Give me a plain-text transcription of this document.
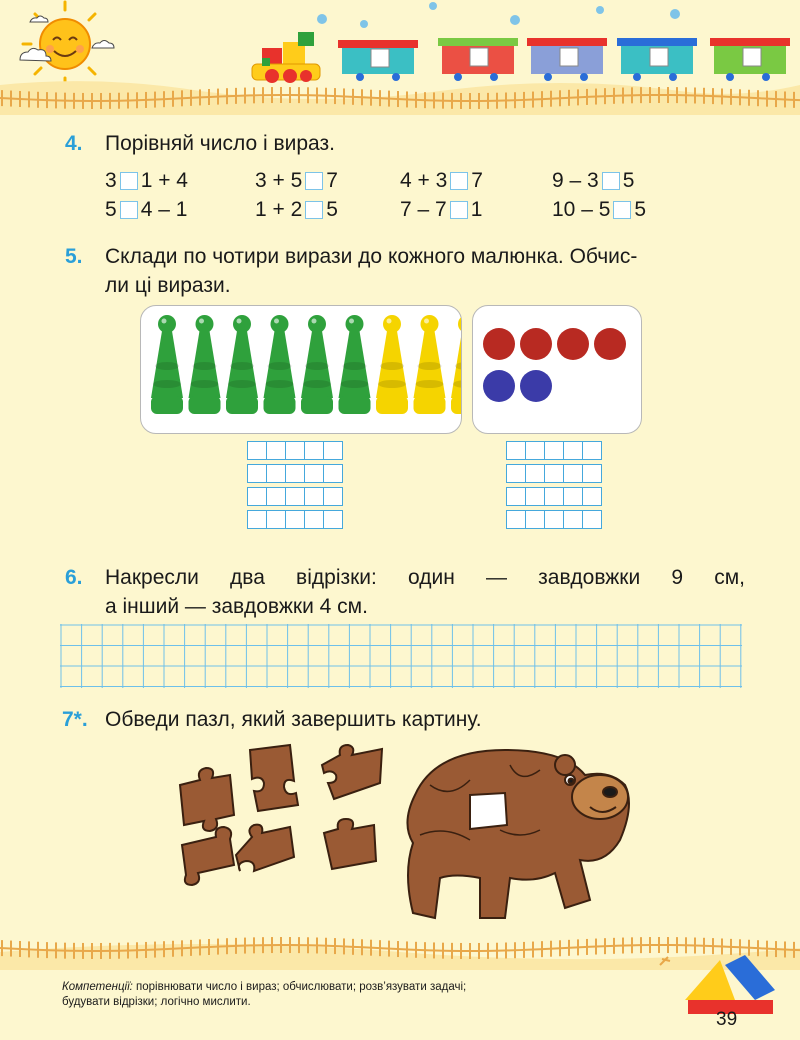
4. Порівняй число і вираз.
3 1 + 4	3 + 5 7	4 + 3 7	9 – 3 5
5 4 – 1	1 + 2 5	7 – 7 1	10 – 5 5
5. Склади по чотири вирази до кожного малюнка. Обчис-
ли ці вирази.

6. Накресли два відрізки: один — завдовжки 9 см,
а інший — завдовжки 4 см.
7*. Обведи пазл, який завершить картину.
Компетенції: порівнювати число і вираз; обчислювати; розв’язувати задачі;
будувати відрізки; логічно мислити.
39
